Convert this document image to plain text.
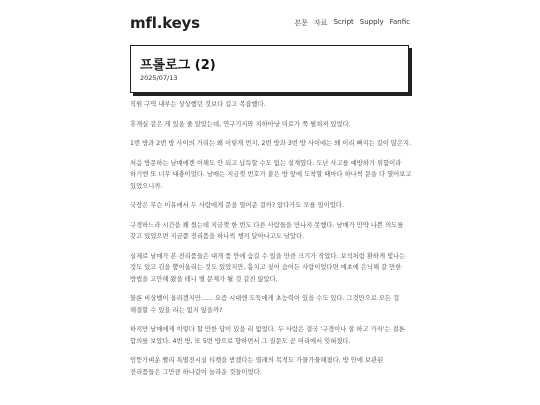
mfl.keys	본문 자료 Script Supply Fanfic
프롤로그 (2)
2025/07/13

직원 구역 내부는 상상했던 것보다 길고 복잡했다.

휴게실 같은 게 있을 줄 알았는데, 연구기지와 지하마냥 미로가 쭉 펼쳐져 있었다.

1번 방과 2번 방 사이의 거리는 왜 이렇게 먼지, 2번 방과 3번 방 사이에는 왜 이리 빠지는 길이 많은지.

처음 방문하는 남매에겐 이해도 안 되고 납득할 수도 없는 설계였다. 도난 사고를 예방하기 위함이라 하기엔 또 너무 대충이었다. 남매는 지금껏 번호가 붙은 방 앞에 도착할 때마다 하나씩 문을 다 열어보고 있었으니까.

국장은 무슨 이유에서 두 사람에게 문을 열어준 걸까? 알다가도 모를 일이었다.

구경하느라 시간을 꽤 썼는데 지금껏 한 번도 다른 사람들을 만나지 못했다. 남매가 만약 나쁜 의도를 갖고 있었으면 지금쯤 전리품을 하나씩 챙겨 달아나고도 남았다.

실제로 남매가 본 전리품들은 대개 품 안에 숨길 수 있을 만큼 크기가 작았다. 보석처럼 환하게 빛나는 것도 있고 김을 뿜어올리는 것도 있었지만, 훔치고 싶어 숨어든 사람이었다면 애초에 은닉해 갈 만한 방법을 고안해 왔을 테니 별 문제가 될 것 같진 않았다.

물론 비상벨이 울리겠지만...... 요즘 시대엔 도둑에게 초능력이 있을 수도 있다. 그것만으로 모든 걸 해결할 수 있을 리는 없지 않을까?

하지만 남매에게 이렇다 할 만한 답이 있을 리 없었다. 두 사람은 결국 '구경이나 잘 하고 가자'는 결론 합의를 보았다. 4번 방, 또 5번 방으로 향하면서 그 질문도 곧 머리에서 잊혀졌다.

언뜻가벼운 빨리 특별전시실 티켓을 받겠다는 열래의 목적도 가물가물해졌다. 방 안에 보관된 전리품들은 그만큼 하나같이 놀라운 것들이었다.
